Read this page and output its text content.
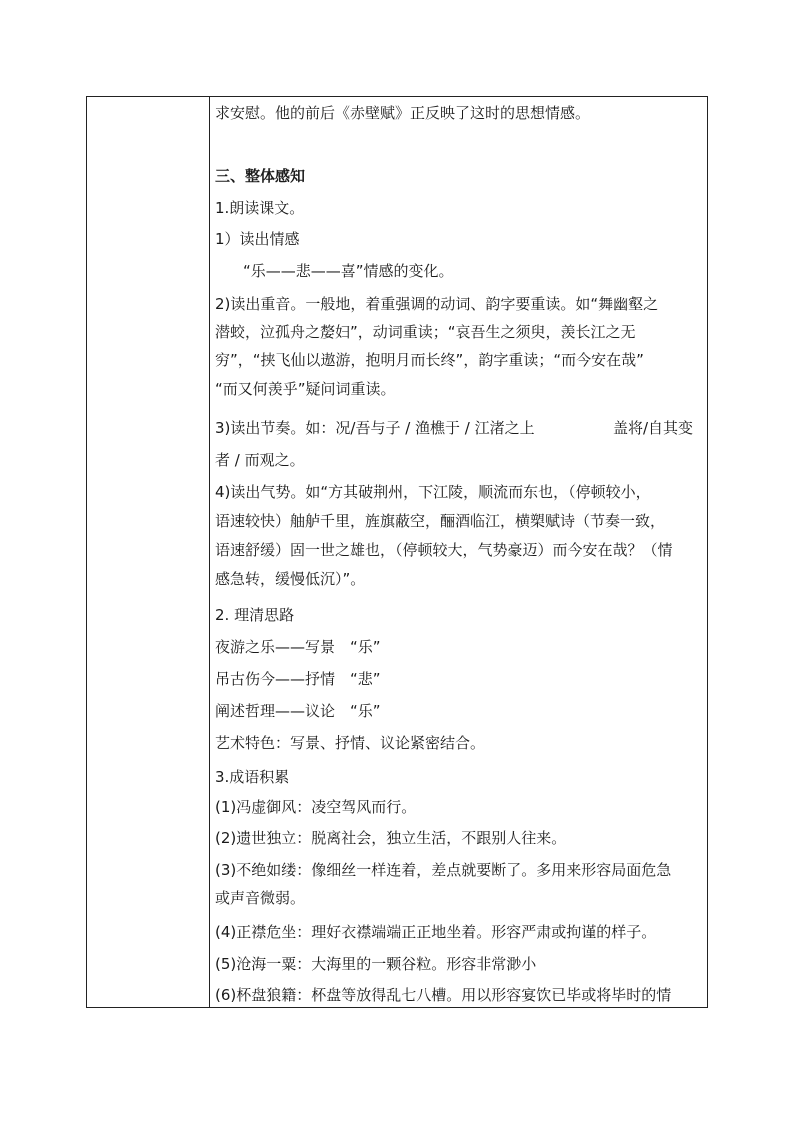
求安慰。他的前后《赤壁赋》正反映了这时的思想情感。
三、整体感知
1.朗读课文。
1）读出情感
“乐——悲——喜”情感的变化。
2)读出重音。一般地，着重强调的动词、韵字要重读。如“舞幽壑之
潜蛟，泣孤舟之嫠妇”，动词重读；“哀吾生之须臾，羡长江之无
穷”，“挟飞仙以遨游，抱明月而长终”，韵字重读；“而今安在哉”
“而又何羡乎”疑问词重读。
3)读出节奏。如：况/吾与子 / 渔樵于 / 江渚之上	盖将/自其变
者 / 而观之。
4)读出气势。如“方其破荆州，下江陵，顺流而东也，（停顿较小，
语速较快）舳舻千里，旌旗蔽空，酾酒临江，横槊赋诗（节奏一致，
语速舒缓）固一世之雄也，（停顿较大，气势豪迈）而今安在哉？（情
感急转，缓慢低沉）”。
2. 理清思路
夜游之乐——写景　“乐”
吊古伤今——抒情　“悲”
阐述哲理——议论　“乐”
艺术特色：写景、抒情、议论紧密结合。
3.成语积累
(1)冯虚御风：凌空驾风而行。
(2)遗世独立：脱离社会，独立生活，不跟别人往来。
(3)不绝如缕：像细丝一样连着，差点就要断了。多用来形容局面危急
或声音微弱。
(4)正襟危坐：理好衣襟端端正正地坐着。形容严肃或拘谨的样子。
(5)沧海一粟：大海里的一颗谷粒。形容非常渺小
(6)杯盘狼籍：杯盘等放得乱七八槽。用以形容宴饮已毕或将毕时的情
